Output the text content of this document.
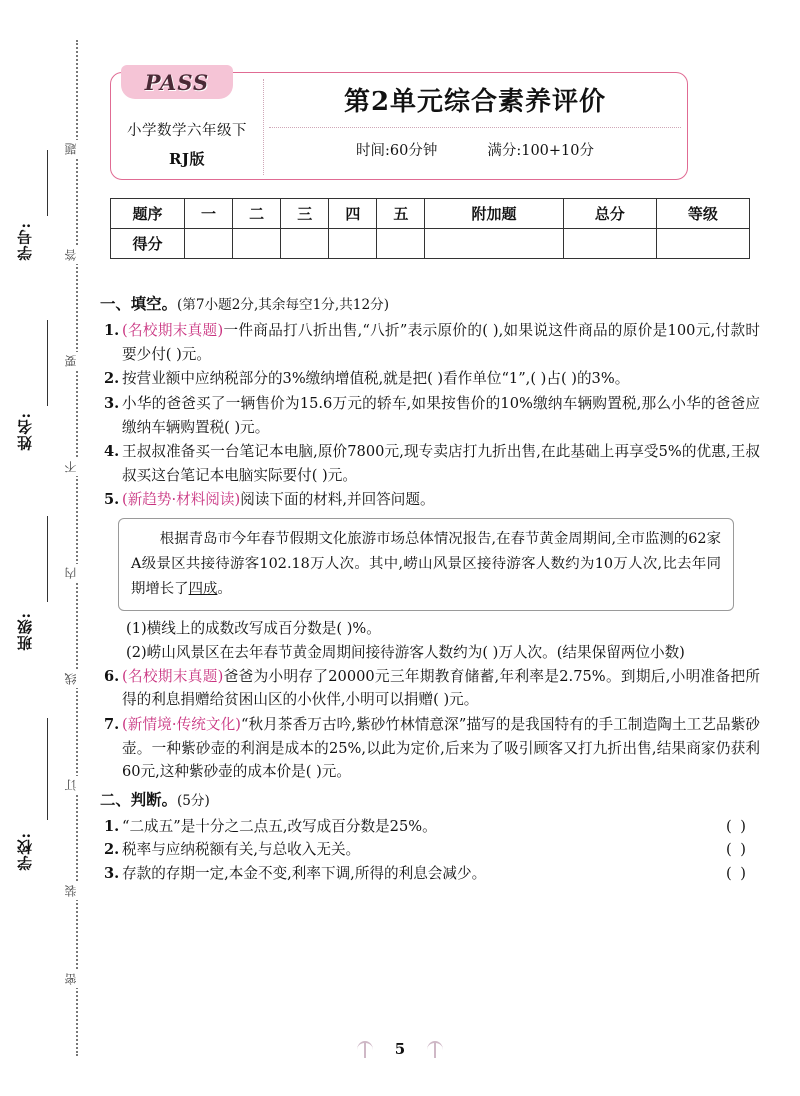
学号:
姓名:
班级:
学校:
题
答
要
不
内
线
订
装
密
PASS
小学数学六年级下
RJ版
第2单元综合素养评价
时间:60分钟	满分:100+10分
题序	一	二	三	四	五	附加题	总分	等级
得分								
一、填空。(第7小题2分,其余每空1分,共12分)
1. (名校期末真题)一件商品打八折出售,“八折”表示原价的( ),如果说这件商品的原价是100元,付款时要少付( )元。
2. 按营业额中应纳税部分的3%缴纳增值税,就是把( )看作单位“1”,( )占( )的3%。
3. 小华的爸爸买了一辆售价为15.6万元的轿车,如果按售价的10%缴纳车辆购置税,那么小华的爸爸应缴纳车辆购置税( )元。
4. 王叔叔准备买一台笔记本电脑,原价7800元,现专卖店打九折出售,在此基础上再享受5%的优惠,王叔叔买这台笔记本电脑实际要付( )元。
5. (新趋势·材料阅读)阅读下面的材料,并回答问题。

根据青岛市今年春节假期文化旅游市场总体情况报告,在春节黄金周期间,全市监测的62家A级景区共接待游客102.18万人次。其中,崂山风景区接待游客人数约为10万人次,比去年同期增长了四成。

(1)横线上的成数改写成百分数是( )%。
(2)崂山风景区在去年春节黄金周期间接待游客人数约为( )万人次。(结果保留两位小数)
6. (名校期末真题)爸爸为小明存了20000元三年期教育储蓄,年利率是2.75%。到期后,小明准备把所得的利息捐赠给贫困山区的小伙伴,小明可以捐赠( )元。
7. (新情境·传统文化)“秋月茶香万古吟,紫砂竹林情意深”描写的是我国特有的手工制造陶土工艺品紫砂壶。一种紫砂壶的利润是成本的25%,以此为定价,后来为了吸引顾客又打九折出售,结果商家仍获利60元,这种紫砂壶的成本价是( )元。
二、判断。(5分)
1. “二成五”是十分之二点五,改写成百分数是25%。	( )
2. 税率与应纳税额有关,与总收入无关。	( )
3. 存款的存期一定,本金不变,利率下调,所得的利息会减少。	( )
5
